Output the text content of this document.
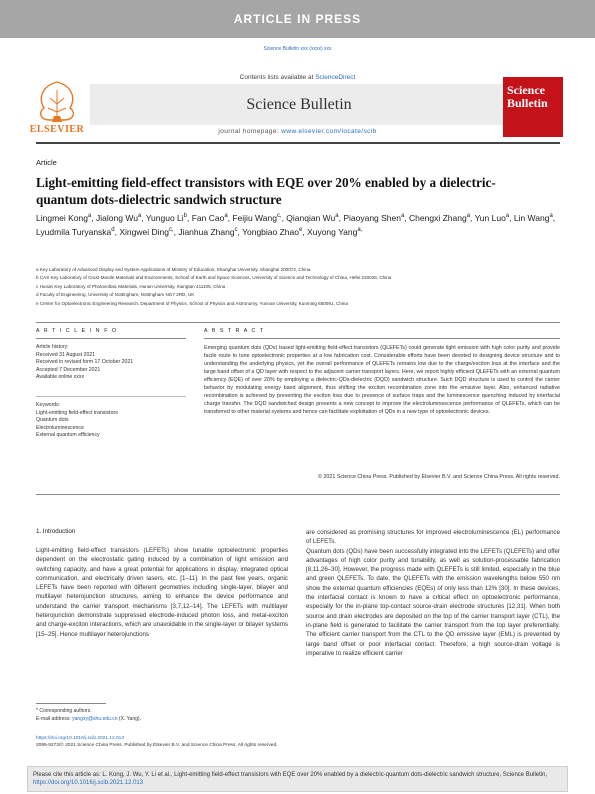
ARTICLE IN PRESS
Science Bulletin xxx (xxxx) xxx
ELSEVIER
Contents lists available at ScienceDirect
Science Bulletin
journal homepage: www.elsevier.com/locate/scib
Science
Bulletin
Article
Light-emitting field-effect transistors with EQE over 20% enabled by a dielectric-quantum dots-dielectric sandwich structure
Lingmei Kong$^a$, Jialong Wu$^a$, Yunguo Li$^b$, Fan Cao$^a$, Feijiu Wang$^{c,}$, Qianqian Wu$^a$, Piaoyang Shen$^a$, Chengxi Zhang$^a$, Yun Luo$^a$, Lin Wang$^a$, Lyudmila Turyanska$^d$, Xingwei Ding$^{c,}$, Jianhua Zhang$^c$, Yongbiao Zhao$^e$, Xuyong Yang$^{a,}$
a Key Laboratory of Advanced Display and System Applications of Ministry of Education, Shanghai University, Shanghai 200072, China
b CAS Key Laboratory of Crust-Mantle Materials and Environments, School of Earth and Space Sciences, University of Science and Technology of China, Hefei 230026, China
c Hunan Key Laboratory of Photovoltaic Materials, Hunan University, Xiangtan 411105, China
d Faculty of Engineering, University of Nottingham, Nottingham NG7 2RD, UK
e Center for Optoelectronic Engineering Research, Department of Physics, School of Physics and Astronomy, Yunnan University, Kunming 650091, China
A R T I C L E I N F O
Article history:
Received 31 August 2021
Received in revised form 17 October 2021
Accepted 7 December 2021
Available online xxxx
Keywords:
Light-emitting field-effect transistors
Quantum dots
Electroluminescence
External quantum efficiency
A B S T R A C T
Emerging quantum dots (QDs) based light-emitting field-effect transistors (QLEFETs) could generate light emission with high color purity and provide facile route to tune optoelectronic properties at a low fabrication cost. Considerable efforts have been devoted to designing device structure and to understanding the underlying physics, yet the overall performance of QLEFETs remains low due to the charge/exciton loss at the interface and the large band offset of a QD layer with respect to the adjacent carrier transport layers. Here, we report highly efficient QLEFETs with an external quantum efficiency (EQE) of over 20% by employing a dielectric-QDs-dielectric (DQD) sandwich structure. Such DQD structure is used to control the carrier behavior by modulating energy band alignment, thus shifting the exciton recombination zone into the emissive layer. Also, enhanced radiative recombination is achieved by preventing the exciton loss due to presence of surface traps and the luminescence quenching induced by interfacial charge transfer. The DQD sandwiched design presents a new concept to improve the electroluminescence performance of QLEFETs, which can be transferred to other material systems and hence can facilitate exploitation of QDs in a new type of optoelectronic devices.
© 2021 Science China Press. Published by Elsevier B.V. and Science China Press. All rights reserved.
1. Introduction
Light-emitting field-effect transistors (LEFETs) show tunable optoelectronic properties dependent on the electrostatic gating induced by a combination of light emission and switching capacity, and have a great potential for applications in display, integrated optical communication, and electrically driven lasers, etc. [1–11]. In the past few years, organic LEFETs have been reported with different geometries including single-layer, bilayer and multilayer heterojunction structures, aiming to enhance the device performance and understand the carrier transport mechanisms [3,7,12–14]. The LEFETs with multilayer heterojunction demonstrate suppressed electrode-induced photon loss, and metal-exciton and charge-exciton interactions, which are unavoidable in the single-layer or bilayer systems [15–25]. Hence multilayer heterojunctions
are considered as promising structures for improved electroluminescence (EL) performance of LEFETs.
Quantum dots (QDs) have been successfully integrated into the LEFETs (QLEFETs) and offer advantages of high color purity and tunability, as well as solution-processable fabrication [8,11,26–30]. However, the progress made with QLEFETs is still limited, especially in the blue and green QLEFETs. To date, the QLEFETs with the emission wavelengths below 550 nm show the external quantum efficiencies (EQEs) of only less than 12% [30]. In these devices, the interfacial contact is known to have a critical effect on optoelectronic performance, especially for the in-plane top-contact source-drain electrode structures [12,31]. When both source and drain electrodes are deposited on the top of the carrier transport layer (CTL), the in-plane field is generated to facilitate the carrier transport from the top layer preferentially. The efficient carrier transport from the CTL to the QD emissive layer (EML) is prevented by large band offset or poor interfacial contact. Therefore, a high source-drain voltage is imperative to realize efficient carrier
* Corresponding authors.
E-mail address: yangxy@shu.edu.cn (X. Yang).
https://doi.org/10.1016/j.scib.2021.12.013
2095-9273/© 2021 Science China Press. Published by Elsevier B.V. and Science China Press. All rights reserved.
Please cite this article as: L. Kong, J. Wu, Y. Li et al., Light-emitting field-effect transistors with EQE over 20% enabled by a dielectric-quantum dots-dielectric sandwich structure, Science Bulletin, https://doi.org/10.1016/j.scib.2021.12.013
